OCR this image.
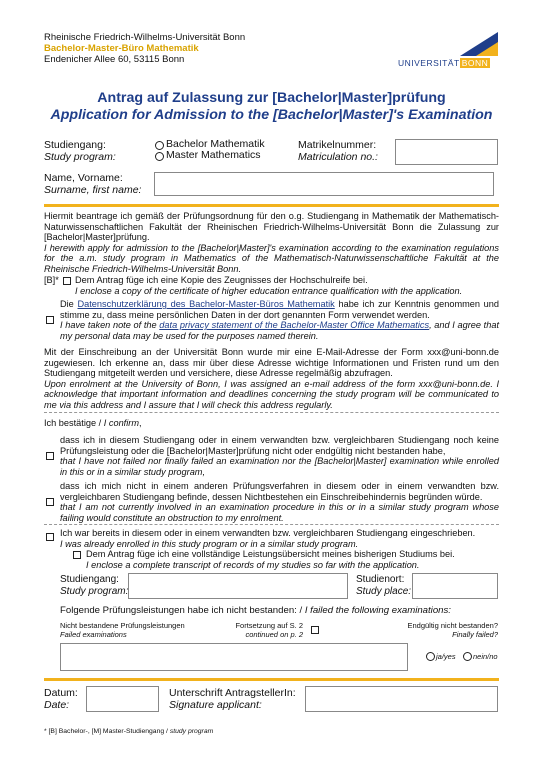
Rheinische Friedrich-Wilhelms-Universität Bonn
Bachelor-Master-Büro Mathematik
Endenicher Allee 60, 53115 Bonn	UNIVERSITÄT BONN
Antrag auf Zulassung zur [Bachelor|Master]prüfung
Application for Admission to the [Bachelor|Master]'s Examination
Studiengang:
Study program:
Bachelor Mathematik
Master Mathematics
Matrikelnummer:
Matriculation no.:
Name, Vorname:
Surname, first name:
Hiermit beantrage ich gemäß der Prüfungsordnung für den o.g. Studiengang in Mathematik der Mathematisch-Naturwissenschaftlichen Fakultät der Rheinischen Friedrich-Wilhelms-Universität Bonn die Zulassung zur [Bachelor|Master]prüfung.
I herewith apply for admission to the [Bachelor|Master]'s examination according to the examination regulations for the a.m. study program in Mathematics of the Mathematisch-Naturwissenschaftliche Fakultät at the Rheinische Friedrich-Wilhelms-Universität Bonn.
[B]* Dem Antrag füge ich eine Kopie des Zeugnisses der Hochschulreife bei.
I enclose a copy of the certificate of higher education entrance qualification with the application.
Die Datenschutzerklärung des Bachelor-Master-Büros Mathematik habe ich zur Kenntnis genommen und stimme zu, dass meine persönlichen Daten in der dort genannten Form verwendet werden.
I have taken note of the data privacy statement of the Bachelor-Master Office Mathematics, and I agree that my personal data may be used for the purposes named therein.
Mit der Einschreibung an der Universität Bonn wurde mir eine E-Mail-Adresse der Form xxx@uni-bonn.de zugewiesen. Ich erkenne an, dass mir über diese Adresse wichtige Informationen und Fristen rund um den Studiengang mitgeteilt werden und versichere, diese Adresse regelmäßig abzufragen.
Upon enrolment at the University of Bonn, I was assigned an e-mail address of the form xxx@uni-bonn.de. I acknowledge that important information and deadlines concerning the study program will be communicated to me via this address and I assure that I will check this address regularly.
Ich bestätige / I confirm,
dass ich in diesem Studiengang oder in einem verwandten bzw. vergleichbaren Studiengang noch keine Prüfungsleistung oder die [Bachelor|Master]prüfung nicht oder endgültig nicht bestanden habe,
that I have not failed nor finally failed an examination nor the [Bachelor|Master] examination while enrolled in this or in a similar study program,
dass ich mich nicht in einem anderen Prüfungsverfahren in diesem oder in einem verwandten bzw. vergleichbaren Studiengang befinde, dessen Nichtbestehen ein Einschreibehindernis begründen würde.
that I am not currently involved in an examination procedure in this or in a similar study program whose failing would constitute an obstruction to my enrolment.
Ich war bereits in diesem oder in einem verwandten bzw. vergleichbaren Studiengang eingeschrieben.
I was already enrolled in this study program or in a similar study program.
Dem Antrag füge ich eine vollständige Leistungsübersicht meines bisherigen Studiums bei.
I enclose a complete transcript of records of my studies so far with the application.
Studiengang:
Study program:
Studienort:
Study place:
Folgende Prüfungsleistungen habe ich nicht bestanden: / I failed the following examinations:
Nicht bestandene Prüfungsleistungen
Failed examinations
Fortsetzung auf S. 2
continued on p. 2
Endgültig nicht bestanden?
Finally failed?
ja/yes nein/no
Datum:
Date:
Unterschrift AntragstellerIn:
Signature applicant:
* [B] Bachelor-, [M] Master-Studiengang / study program
